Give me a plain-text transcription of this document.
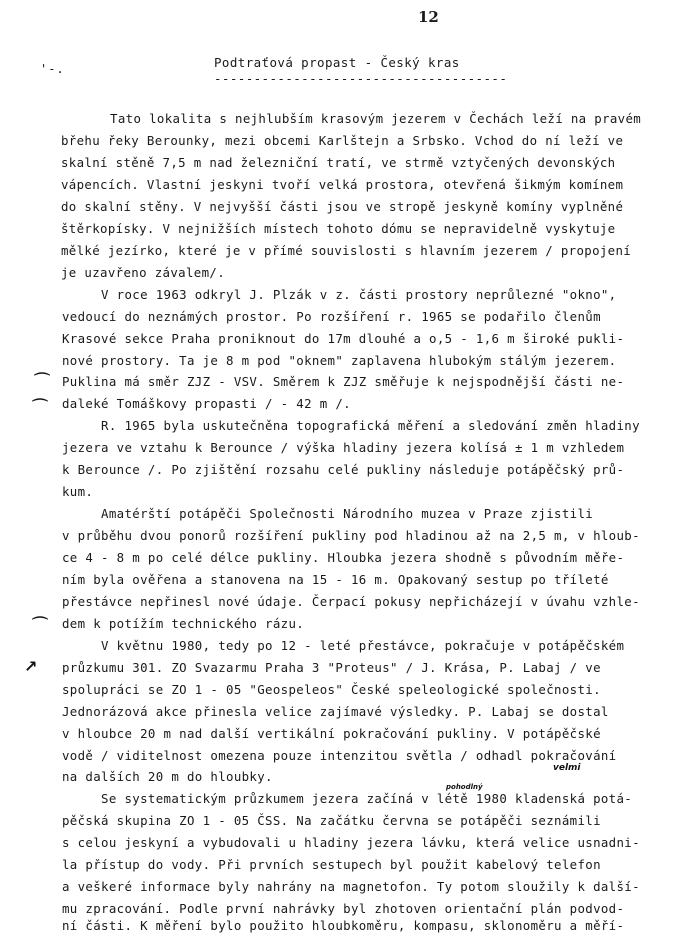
12
'-.	Podtraťová propast - Český kras
-------------------------------------
Tato lokalita s nejhlubším krasovým jezerem v Čechách leží na pravém
břehu řeky Berounky, mezi obcemi Karlštejn a Srbsko. Vchod do ní leží ve
skalní stěně 7,5 m nad železniční tratí, ve strmě vztyčených devonských
vápencích. Vlastní jeskyni tvoří velká prostora, otevřená šikmým komínem
do skalní stěny. V nejvyšší části jsou ve stropě jeskyně komíny vyplněné
štěrkopísky. V nejnižších místech tohoto dómu se nepravidelně vyskytuje
mělké jezírko, které je v přímé souvislosti s hlavním jezerem / propojení
je uzavřeno závalem/.
V roce 1963 odkryl J. Plzák v z. části prostory neprůlezné "okno",
vedoucí do neznámých prostor. Po rozšíření r. 1965 se podařilo členům
Krasové sekce Praha proniknout do 17m dlouhé a o,5 - 1,6 m široké pukli-
nové prostory. Ta je 8 m pod "oknem" zaplavena hlubokým stálým jezerem.
Puklina má směr ZJZ - VSV. Směrem k ZJZ směřuje k nejspodnější části ne-
daleké Tomáškovy propasti / - 42 m /.
R. 1965 byla uskutečněna topografická měření a sledování změn hladiny
jezera ve vztahu k Berounce / výška hladiny jezera kolísá ± 1 m vzhledem
k Berounce /. Po zjištění rozsahu celé pukliny následuje potápěčský prů-
kum.
Amatérští potápěči Společnosti Národního muzea v Praze zjistili
v průběhu dvou ponorů rozšíření pukliny pod hladinou až na 2,5 m, v hloub-
ce 4 - 8 m po celé délce pukliny. Hloubka jezera shodně s původním měře-
ním byla ověřena a stanovena na 15 - 16 m. Opakovaný sestup po tříleté
přestávce nepřinesl nové údaje. Čerpací pokusy nepřicházejí v úvahu vzhle-
dem k potížím technického rázu.
V květnu 1980, tedy po 12 - leté přestávce, pokračuje v potápěčském
průzkumu 301. ZO Svazarmu Praha 3 "Proteus" / J. Krása, P. Labaj / ve
spolupráci se ZO 1 - 05 "Geospeleos" České speleologické společnosti.
Jednorázová akce přinesla velice zajímavé výsledky. P. Labaj se dostal
v hloubce 20 m nad další vertikální pokračování pukliny. V potápěčské
vodě / viditelnost omezena pouze intenzitou světla / odhadl pokračování
na dalších 20 m do hloubky.
Se systematickým průzkumem jezera začíná v létě 1980 kladenská potá-
pěčská skupina ZO 1 - 05 ČSS. Na začátku června se potápěči seznámili
s celou jeskyní a vybudovali u hladiny jezera lávku, která velice usnadni-
la přístup do vody. Při prvních sestupech byl použit kabelový telefon
a veškeré informace byly nahrány na magnetofon. Ty potom sloužily k další-
mu zpracování. Podle první nahrávky byl zhotoven orientační plán podvod-
ní části. K měření bylo použito hloubkoměru, kompasu, sklonoměru a měří-
⌒
⌒
⌒
↗
velmi
pohodlný
